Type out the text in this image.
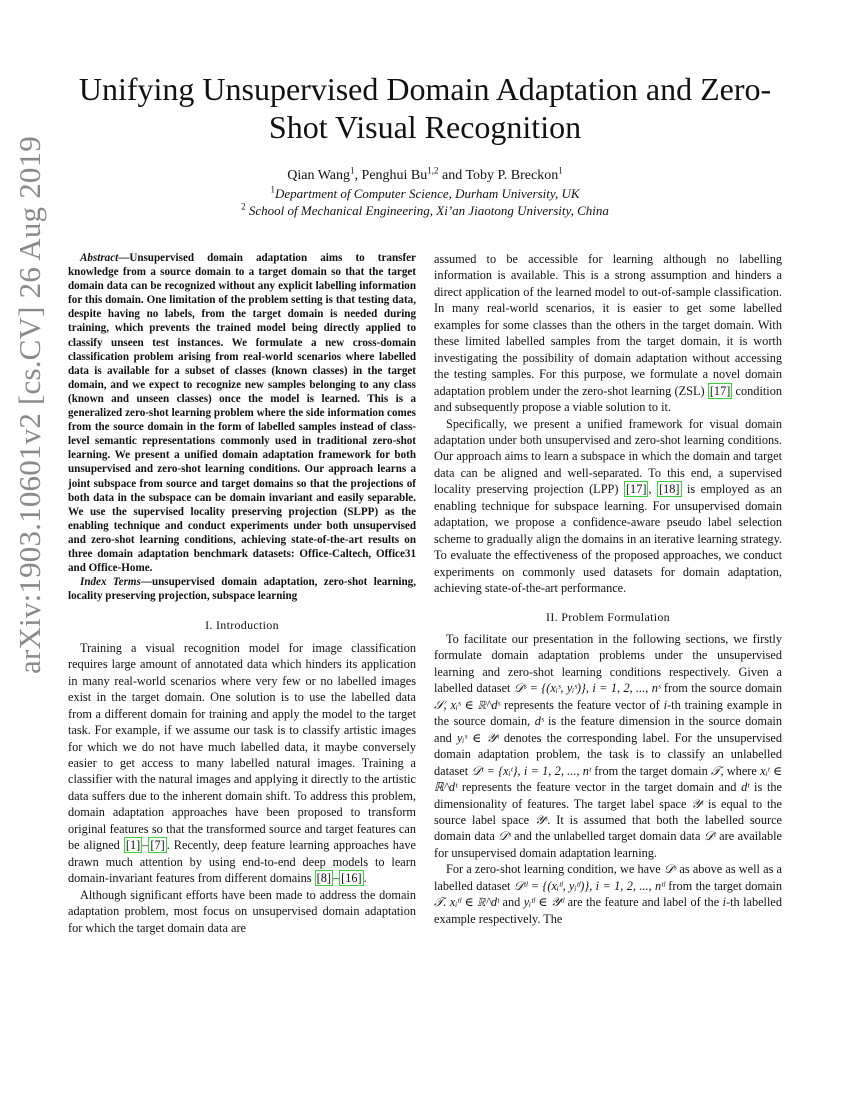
arXiv:1903.10601v2 [cs.CV] 26 Aug 2019
Unifying Unsupervised Domain Adaptation and Zero-Shot Visual Recognition
Qian Wang$^1$, Penghui Bu$^{1,2}$ and Toby P. Breckon$^1$
$^1$Department of Computer Science, Durham University, UK
$^2$ School of Mechanical Engineering, Xi’an Jiaotong University, China

Abstract—Unsupervised domain adaptation aims to transfer knowledge from a source domain to a target domain so that the target domain data can be recognized without any explicit labelling information for this domain. One limitation of the problem setting is that testing data, despite having no labels, from the target domain is needed during training, which prevents the trained model being directly applied to classify unseen test instances. We formulate a new cross-domain classification problem arising from real-world scenarios where labelled data is available for a subset of classes (known classes) in the target domain, and we expect to recognize new samples belonging to any class (known and unseen classes) once the model is learned. This is a generalized zero-shot learning problem where the side information comes from the source domain in the form of labelled samples instead of class-level semantic representations commonly used in traditional zero-shot learning. We present a unified domain adaptation framework for both unsupervised and zero-shot learning conditions. Our approach learns a joint subspace from source and target domains so that the projections of both data in the subspace can be domain invariant and easily separable. We use the supervised locality preserving projection (SLPP) as the enabling technique and conduct experiments under both unsupervised and zero-shot learning conditions, achieving state-of-the-art results on three domain adaptation benchmark datasets: Office-Caltech, Office31 and Office-Home.

Index Terms—unsupervised domain adaptation, zero-shot learning, locality preserving projection, subspace learning

I. Introduction

Training a visual recognition model for image classification requires large amount of annotated data which hinders its application in many real-world scenarios where very few or no labelled images exist in the target domain. One solution is to use the labelled data from a different domain for training and apply the model to the target task. For example, if we assume our task is to classify artistic images for which we do not have much labelled data, it maybe conversely easier to get access to many labelled natural images. Training a classifier with the natural images and applying it directly to the artistic data suffers due to the inherent domain shift. To address this problem, domain adaptation approaches have been proposed to transform original features so that the transformed source and target features can be aligned [1] – [7] . Recently, deep feature learning approaches have drawn much attention by using end-to-end deep models to learn domain-invariant features from different domains [8] – [16] .

Although significant efforts have been made to address the domain adaptation problem, most focus on unsupervised domain adaptation for which the target domain data are

assumed to be accessible for learning although no labelling information is available. This is a strong assumption and hinders a direct application of the learned model to out-of-sample classification. In many real-world scenarios, it is easier to get some labelled examples for some classes than the others in the target domain. With these limited labelled samples from the target domain, it is worth investigating the possibility of domain adaptation without accessing the testing samples. For this purpose, we formulate a novel domain adaptation problem under the zero-shot learning (ZSL) [17] condition and subsequently propose a viable solution to it.

Specifically, we present a unified framework for visual domain adaptation under both unsupervised and zero-shot learning conditions. Our approach aims to learn a subspace in which the domain and target data can be aligned and well-separated. To this end, a supervised locality preserving projection (LPP) [17] , [18] is employed as an enabling technique for subspace learning. For unsupervised domain adaptation, we propose a confidence-aware pseudo label selection scheme to gradually align the domains in an iterative learning strategy. To evaluate the effectiveness of the proposed approaches, we conduct experiments on commonly used datasets for domain adaptation, achieving state-of-the-art performance.

II. Problem Formulation

To facilitate our presentation in the following sections, we firstly formulate domain adaptation problems under the unsupervised learning and zero-shot learning conditions respectively. Given a labelled dataset 𝒟ˢ = {(xᵢˢ, yᵢˢ)}, i = 1, 2, ..., nˢ from the source domain 𝒮, xᵢˢ ∈ ℝ^dˢ represents the feature vector of i-th training example in the source domain, dˢ is the feature dimension in the source domain and yᵢˢ ∈ 𝒴ˢ denotes the corresponding label. For the unsupervised domain adaptation problem, the task is to classify an unlabelled dataset 𝒟ᵗ = {xᵢᵗ}, i = 1, 2, ..., nᵗ from the target domain 𝒯, where xᵢᵗ ∈ ℝ^dᵗ represents the feature vector in the target domain and dᵗ is the dimensionality of features. The target label space 𝒴ᵗ is equal to the source label space 𝒴ˢ. It is assumed that both the labelled source domain data 𝒟ˢ and the unlabelled target domain data 𝒟ᵗ are available for unsupervised domain adaptation learning.

For a zero-shot learning condition, we have 𝒟ˢ as above as well as a labelled dataset 𝒟ᵗˡ = {(xᵢᵗˡ, yᵢᵗˡ)}, i = 1, 2, ..., nᵗˡ from the target domain 𝒯. xᵢᵗˡ ∈ ℝ^dᵗ and yᵢᵗˡ ∈ 𝒴ᵗˡ are the feature and label of the i-th labelled example respectively. The
